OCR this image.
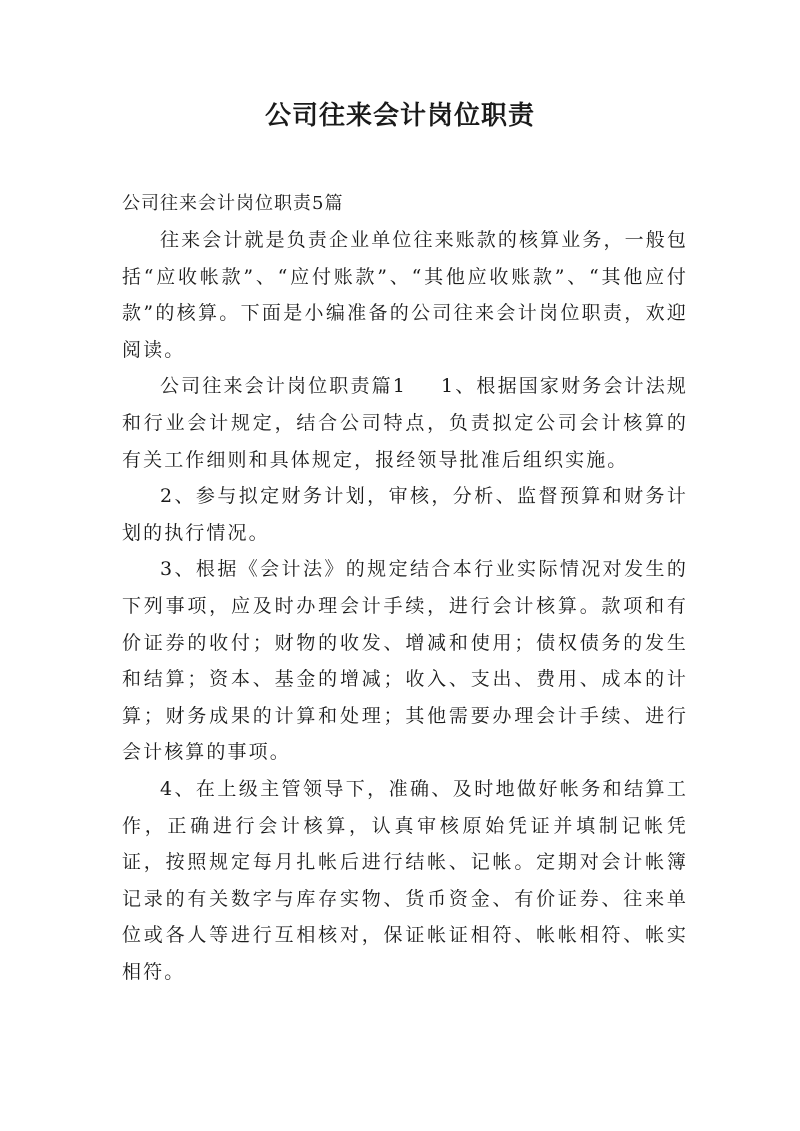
公司往来会计岗位职责

公司往来会计岗位职责5篇

往来会计就是负责企业单位往来账款的核算业务，一般包括“应收帐款”、“应付账款”、“其他应收账款”、“其他应付款”的核算。下面是小编准备的公司往来会计岗位职责，欢迎阅读。

公司往来会计岗位职责篇1 1、根据国家财务会计法规和行业会计规定，结合公司特点，负责拟定公司会计核算的有关工作细则和具体规定，报经领导批准后组织实施。

2、参与拟定财务计划，审核，分析、监督预算和财务计划的执行情况。

3、根据《会计法》的规定结合本行业实际情况对发生的下列事项，应及时办理会计手续，进行会计核算。款项和有价证券的收付；财物的收发、增减和使用；债权债务的发生和结算；资本、基金的增减；收入、支出、费用、成本的计算；财务成果的计算和处理；其他需要办理会计手续、进行会计核算的事项。

4、在上级主管领导下，准确、及时地做好帐务和结算工作，正确进行会计核算，认真审核原始凭证并填制记帐凭证，按照规定每月扎帐后进行结帐、记帐。定期对会计帐簿记录的有关数字与库存实物、货币资金、有价证券、往来单位或各人等进行互相核对，保证帐证相符、帐帐相符、帐实相符。
